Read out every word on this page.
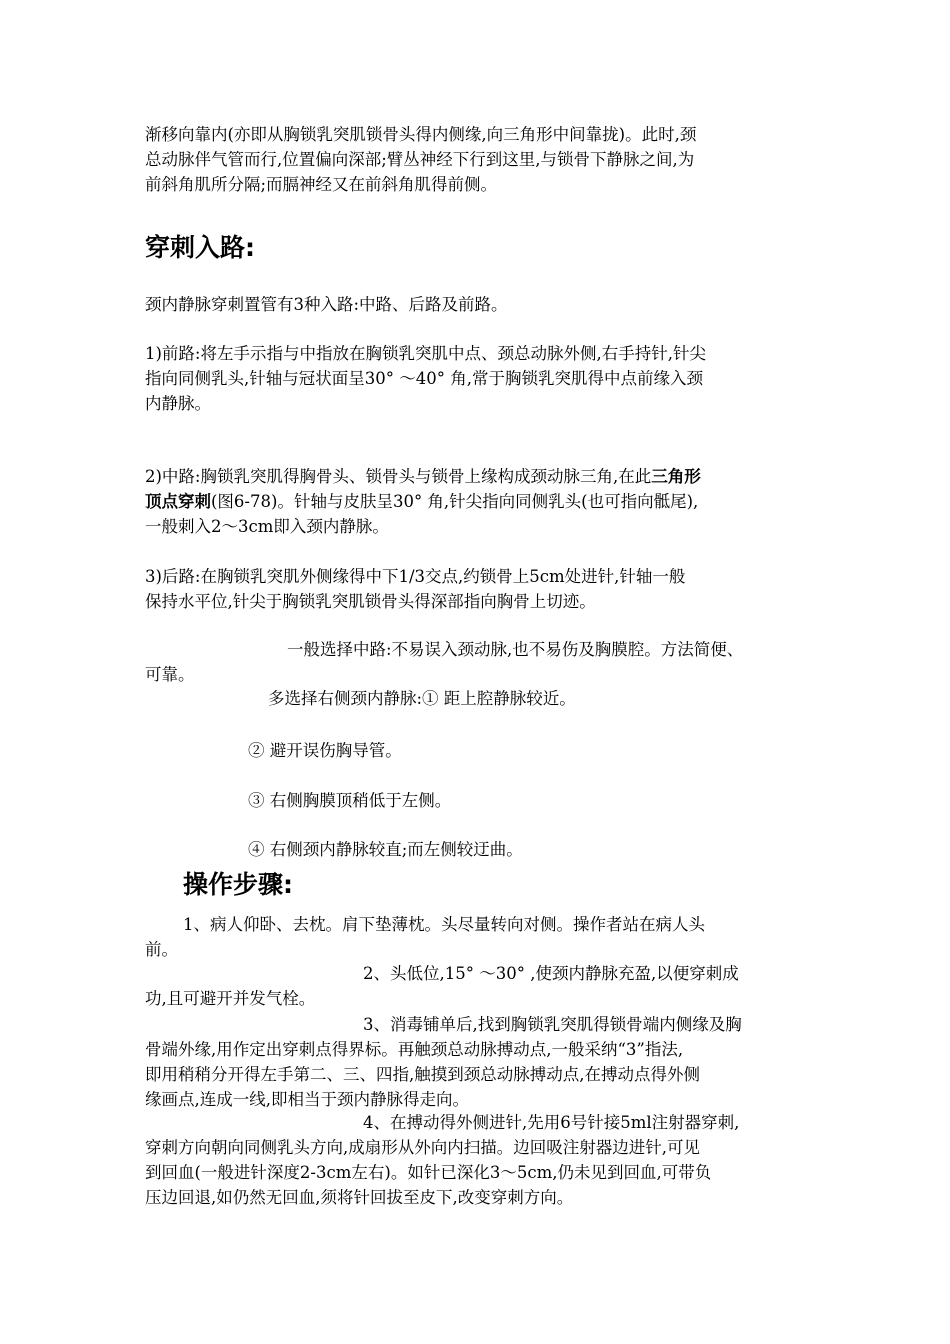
渐移向靠内(亦即从胸锁乳突肌锁骨头得内侧缘,向三角形中间靠拢)。此时,颈
总动脉伴气管而行,位置偏向深部;臂丛神经下行到这里,与锁骨下静脉之间,为
前斜角肌所分隔;而膈神经又在前斜角肌得前侧。
穿刺入路:
颈内静脉穿刺置管有3种入路:中路、后路及前路。
1)前路:将左手示指与中指放在胸锁乳突肌中点、颈总动脉外侧,右手持针,针尖
指向同侧乳头,针轴与冠状面呈30° ～40° 角,常于胸锁乳突肌得中点前缘入颈
内静脉。
2)中路:胸锁乳突肌得胸骨头、锁骨头与锁骨上缘构成颈动脉三角,在此三角形
顶点穿刺(图6-78)。针轴与皮肤呈30° 角,针尖指向同侧乳头(也可指向骶尾),
一般刺入2～3cm即入颈内静脉。
3)后路:在胸锁乳突肌外侧缘得中下1/3交点,约锁骨上5cm处进针,针轴一般
保持水平位,针尖于胸锁乳突肌锁骨头得深部指向胸骨上切迹。
一般选择中路:不易误入颈动脉,也不易伤及胸膜腔。方法简便、
可靠。
多选择右侧颈内静脉:① 距上腔静脉较近。
② 避开误伤胸导管。
③ 右侧胸膜顶稍低于左侧。
④ 右侧颈内静脉较直;而左侧较迂曲。
操作步骤:
1、病人仰卧、去枕。肩下垫薄枕。头尽量转向对侧。操作者站在病人头
前。
2、头低位,15° ～30° ,使颈内静脉充盈,以便穿刺成
功,且可避开并发气栓。
3、消毒铺单后,找到胸锁乳突肌得锁骨端内侧缘及胸
骨端外缘,用作定出穿刺点得界标。再触颈总动脉搏动点,一般采纳“3”指法,
即用稍稍分开得左手第二、三、四指,触摸到颈总动脉搏动点,在搏动点得外侧
缘画点,连成一线,即相当于颈内静脉得走向。
4、在搏动得外侧进针,先用6号针接5ml注射器穿刺,
穿刺方向朝向同侧乳头方向,成扇形从外向内扫描。边回吸注射器边进针,可见
到回血(一般进针深度2-3cm左右)。如针已深化3～5cm,仍未见到回血,可带负
压边回退,如仍然无回血,须将针回拔至皮下,改变穿刺方向。
